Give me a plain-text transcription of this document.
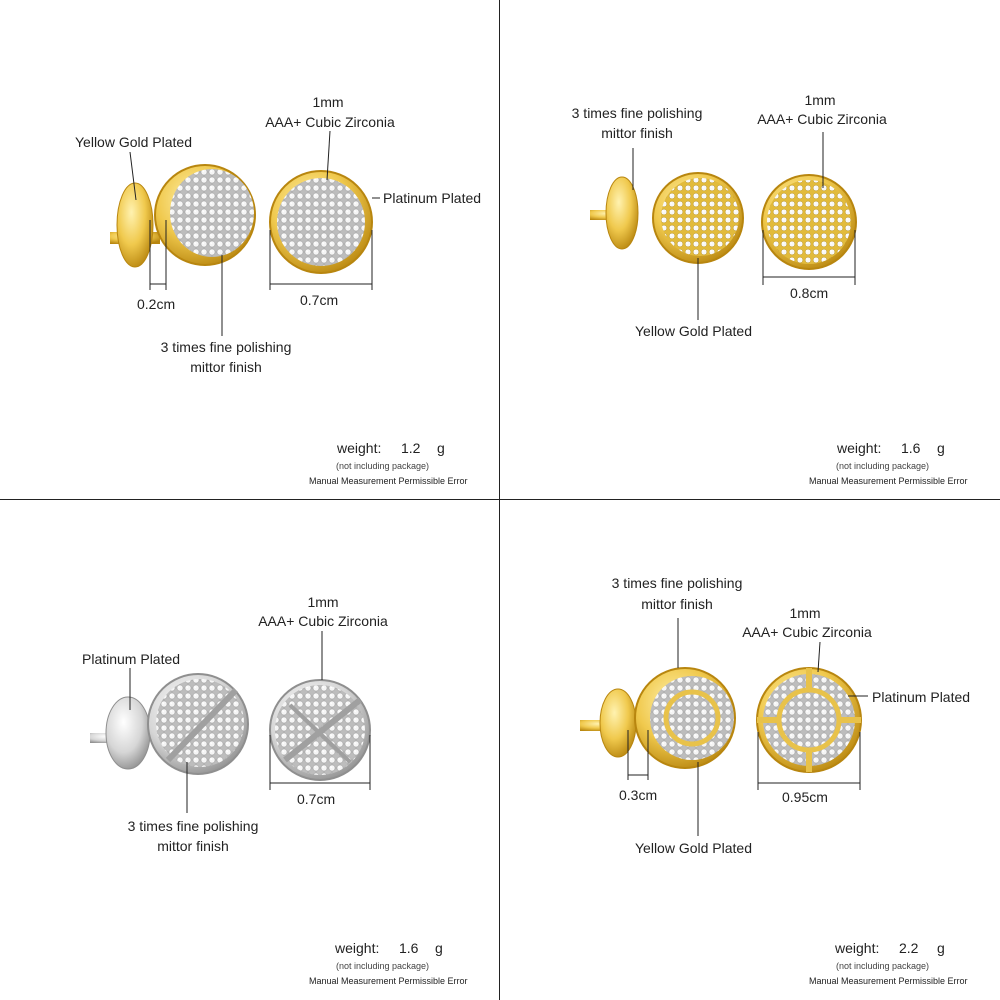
1mm
AAA+ Cubic Zirconia
Yellow Gold Plated
Platinum Plated
0.2cm	0.7cm
3 times fine polishing
mittor finish
weight: 1.2 g
(not including package)
Manual Measurement Permissible Error
3 times fine polishing
mittor finish
1mm
AAA+ Cubic Zirconia
0.8cm
Yellow Gold Plated
weight: 1.6 g
(not including package)
Manual Measurement Permissible Error
1mm
AAA+ Cubic Zirconia
Platinum Plated
0.7cm
3 times fine polishing
mittor finish
weight: 1.6 g
(not including package)
Manual Measurement Permissible Error
3 times fine polishing
mittor finish
1mm
AAA+ Cubic Zirconia
Platinum Plated
0.3cm	0.95cm
Yellow Gold Plated
weight: 2.2 g
(not including package)
Manual Measurement Permissible Error
